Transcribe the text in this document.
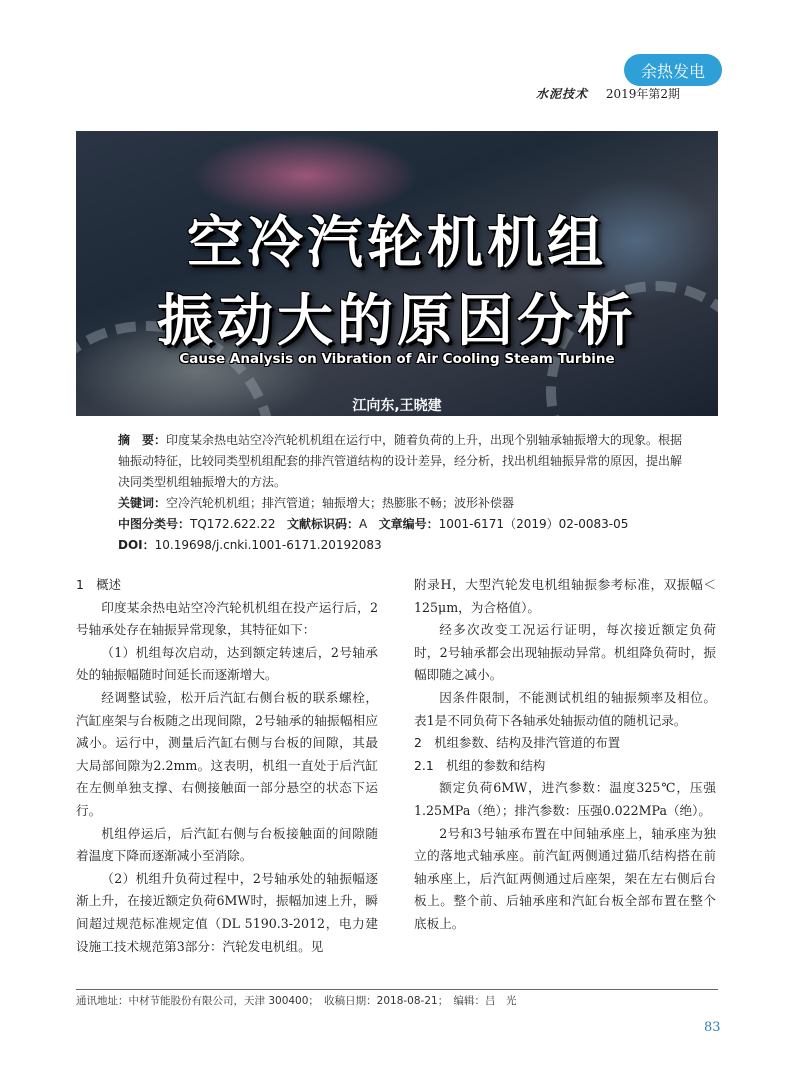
余热发电
水泥技术 2019年第2期
空冷汽轮机机组
振动大的原因分析
Cause Analysis on Vibration of Air Cooling Steam Turbine
江向东,王晓建

摘　要：印度某余热电站空冷汽轮机机组在运行中，随着负荷的上升，出现个别轴承轴振增大的现象。根据轴振动特征，比较同类型机组配套的排汽管道结构的设计差异，经分析，找出机组轴振异常的原因，提出解决同类型机组轴振增大的方法。

关键词：空冷汽轮机机组；排汽管道；轴振增大；热膨胀不畅；波形补偿器

中图分类号：TQ172.622.22 文献标识码：A 文章编号：1001-6171（2019）02-0083-05

DOI：10.19698/j.cnki.1001-6171.20192083

1　概述

印度某余热电站空冷汽轮机机组在投产运行后，2号轴承处存在轴振异常现象，其特征如下：

（1）机组每次启动，达到额定转速后，2号轴承处的轴振幅随时间延长而逐渐增大。

经调整试验，松开后汽缸右侧台板的联系螺栓，汽缸座架与台板随之出现间隙，2号轴承的轴振幅相应减小。运行中，测量后汽缸右侧与台板的间隙，其最大局部间隙为2.2mm。这表明，机组一直处于后汽缸在左侧单独支撑、右侧接触面一部分悬空的状态下运行。

机组停运后，后汽缸右侧与台板接触面的间隙随着温度下降而逐渐减小至消除。

（2）机组升负荷过程中，2号轴承处的轴振幅逐渐上升，在接近额定负荷6MW时，振幅加速上升，瞬间超过规范标准规定值（DL 5190.3-2012，电力建设施工技术规范第3部分：汽轮发电机组。见

附录H，大型汽轮发电机组轴振参考标准，双振幅＜125μm，为合格值）。

经多次改变工况运行证明，每次接近额定负荷时，2号轴承都会出现轴振动异常。机组降负荷时，振幅即随之减小。

因条件限制，不能测试机组的轴振频率及相位。表1是不同负荷下各轴承处轴振动值的随机记录。

2　机组参数、结构及排汽管道的布置

2.1　机组的参数和结构

额定负荷6MW，进汽参数：温度325℃，压强1.25MPa（绝）；排汽参数：压强0.022MPa（绝）。

2号和3号轴承布置在中间轴承座上，轴承座为独立的落地式轴承座。前汽缸两侧通过猫爪结构搭在前轴承座上，后汽缸两侧通过后座架，架在左右侧后台板上。整个前、后轴承座和汽缸台板全部布置在整个底板上。

通讯地址：中材节能股份有限公司，天津 300400；　收稿日期：2018-08-21；　编辑：吕　光
83
